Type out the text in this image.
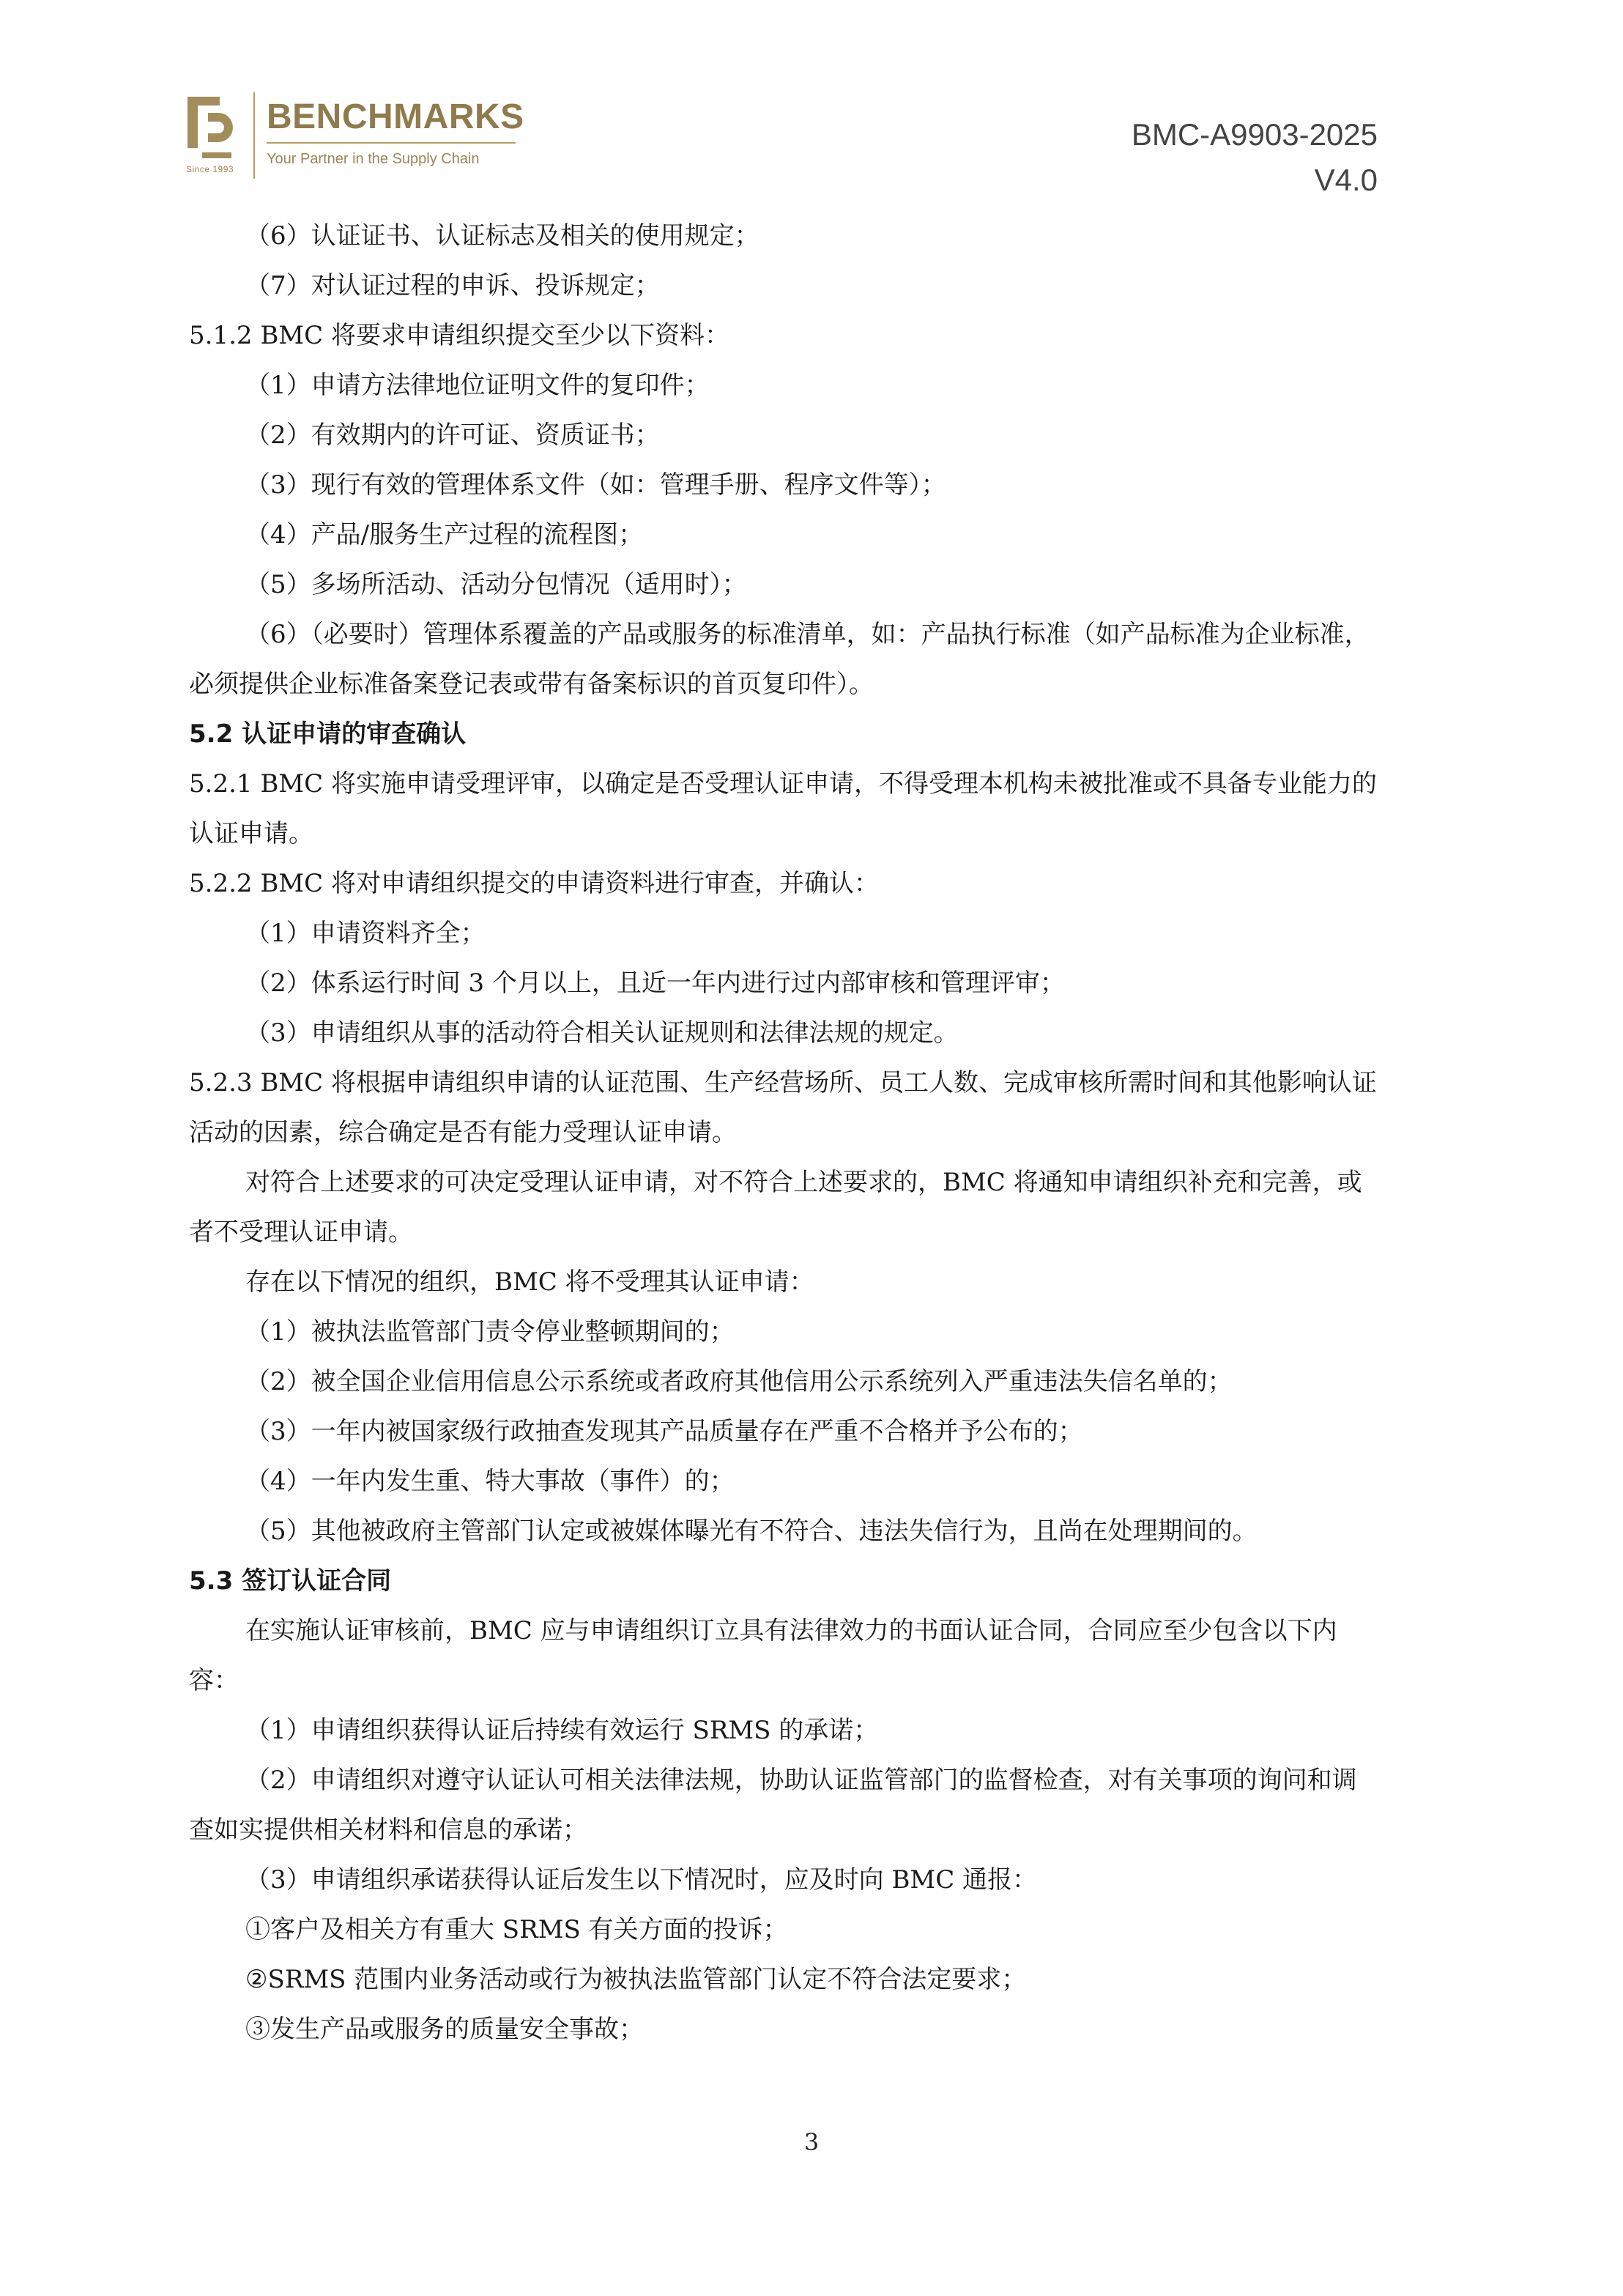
Since 1993
BENCHMARKS
Your Partner in the Supply Chain
BMC-A9903-2025
V4.0

（6）认证证书、认证标志及相关的使用规定；

（7）对认证过程的申诉、投诉规定；

5.1.2 BMC 将要求申请组织提交至少以下资料：

（1）申请方法律地位证明文件的复印件；

（2）有效期内的许可证、资质证书；

（3）现行有效的管理体系文件（如：管理手册、程序文件等）；

（4）产品/服务生产过程的流程图；

（5）多场所活动、活动分包情况（适用时）；

（6）（必要时）管理体系覆盖的产品或服务的标准清单，如：产品执行标准（如产品标准为企业标准，必须提供企业标准备案登记表或带有备案标识的首页复印件）。

5.2 认证申请的审查确认

5.2.1 BMC 将实施申请受理评审，以确定是否受理认证申请，不得受理本机构未被批准或不具备专业能力的认证申请。

5.2.2 BMC 将对申请组织提交的申请资料进行审查，并确认：

（1）申请资料齐全；

（2）体系运行时间 3 个月以上，且近一年内进行过内部审核和管理评审；

（3）申请组织从事的活动符合相关认证规则和法律法规的规定。

5.2.3 BMC 将根据申请组织申请的认证范围、生产经营场所、员工人数、完成审核所需时间和其他影响认证活动的因素，综合确定是否有能力受理认证申请。

对符合上述要求的可决定受理认证申请，对不符合上述要求的，BMC 将通知申请组织补充和完善，或者不受理认证申请。

存在以下情况的组织，BMC 将不受理其认证申请：

（1）被执法监管部门责令停业整顿期间的；

（2）被全国企业信用信息公示系统或者政府其他信用公示系统列入严重违法失信名单的；

（3）一年内被国家级行政抽查发现其产品质量存在严重不合格并予公布的；

（4）一年内发生重、特大事故（事件）的；

（5）其他被政府主管部门认定或被媒体曝光有不符合、违法失信行为，且尚在处理期间的。

5.3 签订认证合同

在实施认证审核前，BMC 应与申请组织订立具有法律效力的书面认证合同，合同应至少包含以下内容：

（1）申请组织获得认证后持续有效运行 SRMS 的承诺；

（2）申请组织对遵守认证认可相关法律法规，协助认证监管部门的监督检查，对有关事项的询问和调查如实提供相关材料和信息的承诺；

（3）申请组织承诺获得认证后发生以下情况时，应及时向 BMC 通报：

①客户及相关方有重大 SRMS 有关方面的投诉；

②SRMS 范围内业务活动或行为被执法监管部门认定不符合法定要求；

③发生产品或服务的质量安全事故；

3
